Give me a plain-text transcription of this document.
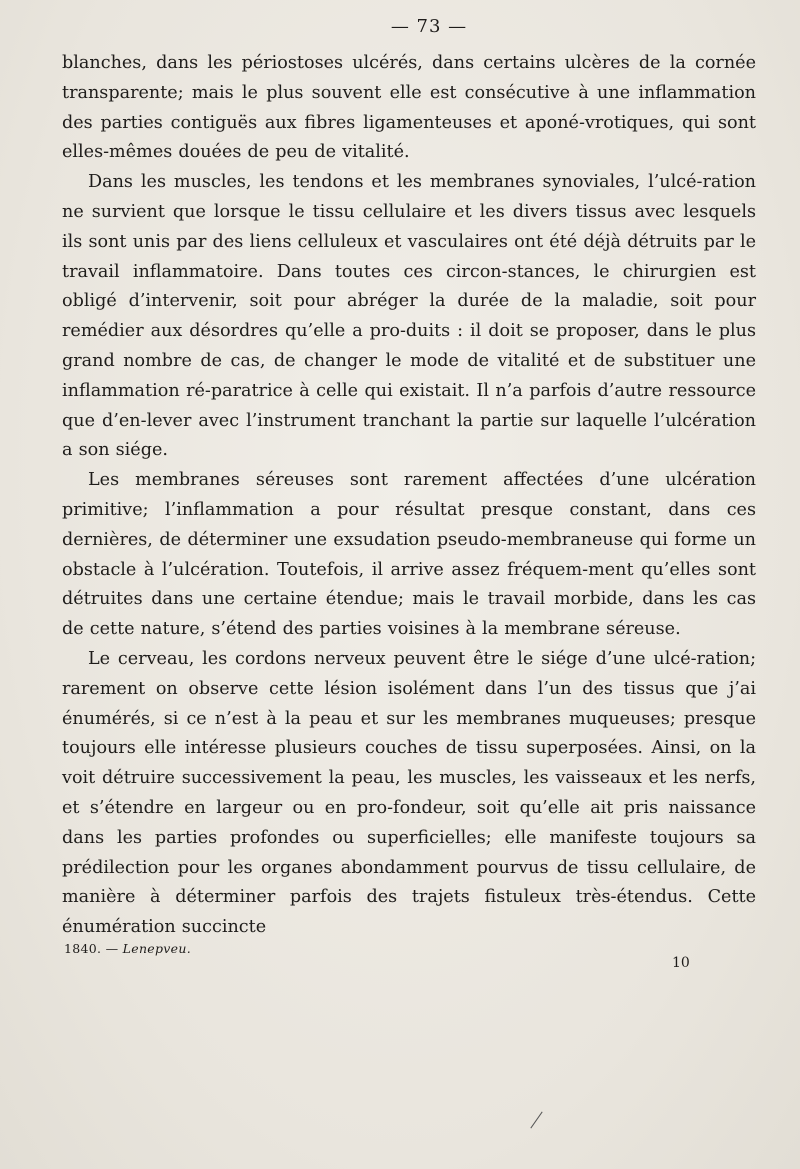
— 73 —

blanches, dans les périostoses ulcérés, dans certains ulcères de la cornée transparente; mais le plus souvent elle est consécutive à une inflammation des parties contiguës aux fibres ligamenteuses et aponé-vrotiques, qui sont elles-mêmes douées de peu de vitalité.

Dans les muscles, les tendons et les membranes synoviales, l’ulcé-ration ne survient que lorsque le tissu cellulaire et les divers tissus avec lesquels ils sont unis par des liens celluleux et vasculaires ont été déjà détruits par le travail inflammatoire. Dans toutes ces circon-stances, le chirurgien est obligé d’intervenir, soit pour abréger la durée de la maladie, soit pour remédier aux désordres qu’elle a pro-duits : il doit se proposer, dans le plus grand nombre de cas, de changer le mode de vitalité et de substituer une inflammation ré-paratrice à celle qui existait. Il n’a parfois d’autre ressource que d’en-lever avec l’instrument tranchant la partie sur laquelle l’ulcération a son siége.

Les membranes séreuses sont rarement affectées d’une ulcération primitive; l’inflammation a pour résultat presque constant, dans ces dernières, de déterminer une exsudation pseudo-membraneuse qui forme un obstacle à l’ulcération. Toutefois, il arrive assez fréquem-ment qu’elles sont détruites dans une certaine étendue; mais le travail morbide, dans les cas de cette nature, s’étend des parties voisines à la membrane séreuse.

Le cerveau, les cordons nerveux peuvent être le siége d’une ulcé-ration; rarement on observe cette lésion isolément dans l’un des tissus que j’ai énumérés, si ce n’est à la peau et sur les membranes muqueuses; presque toujours elle intéresse plusieurs couches de tissu superposées. Ainsi, on la voit détruire successivement la peau, les muscles, les vaisseaux et les nerfs, et s’étendre en largeur ou en pro-fondeur, soit qu’elle ait pris naissance dans les parties profondes ou superficielles; elle manifeste toujours sa prédilection pour les organes abondamment pourvus de tissu cellulaire, de manière à déterminer parfois des trajets fistuleux très-étendus. Cette énumération succincte

1840. — Lenepveu.
10
